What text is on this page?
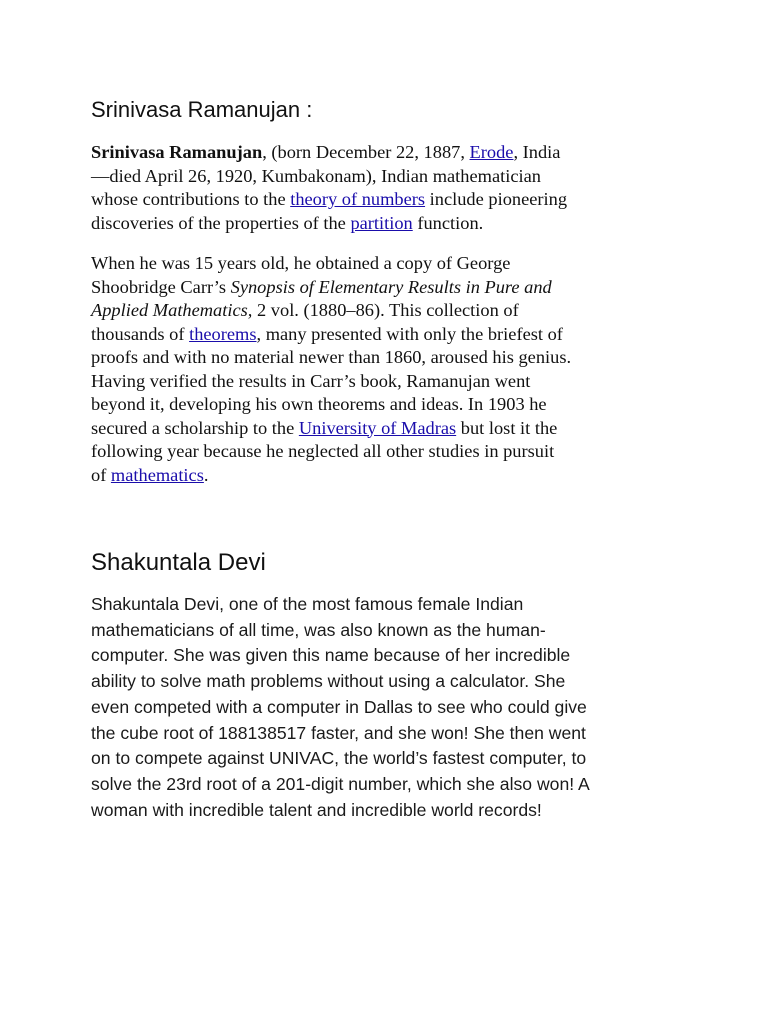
Srinivasa Ramanujan :

Srinivasa Ramanujan, (born December 22, 1887, Erode, India
—died April 26, 1920, Kumbakonam), Indian mathematician
whose contributions to the theory of numbers include pioneering
discoveries of the properties of the partition function.

When he was 15 years old, he obtained a copy of George
Shoobridge Carr’s Synopsis of Elementary Results in Pure and
Applied Mathematics, 2 vol. (1880–86). This collection of
thousands of theorems, many presented with only the briefest of
proofs and with no material newer than 1860, aroused his genius.
Having verified the results in Carr’s book, Ramanujan went
beyond it, developing his own theorems and ideas. In 1903 he
secured a scholarship to the University of Madras but lost it the
following year because he neglected all other studies in pursuit
of mathematics.

Shakuntala Devi

Shakuntala Devi, one of the most famous female Indian
mathematicians of all time, was also known as the human-
computer. She was given this name because of her incredible
ability to solve math problems without using a calculator. She
even competed with a computer in Dallas to see who could give
the cube root of 188138517 faster, and she won! She then went
on to compete against UNIVAC, the world’s fastest computer, to
solve the 23rd root of a 201-digit number, which she also won! A
woman with incredible talent and incredible world records!
